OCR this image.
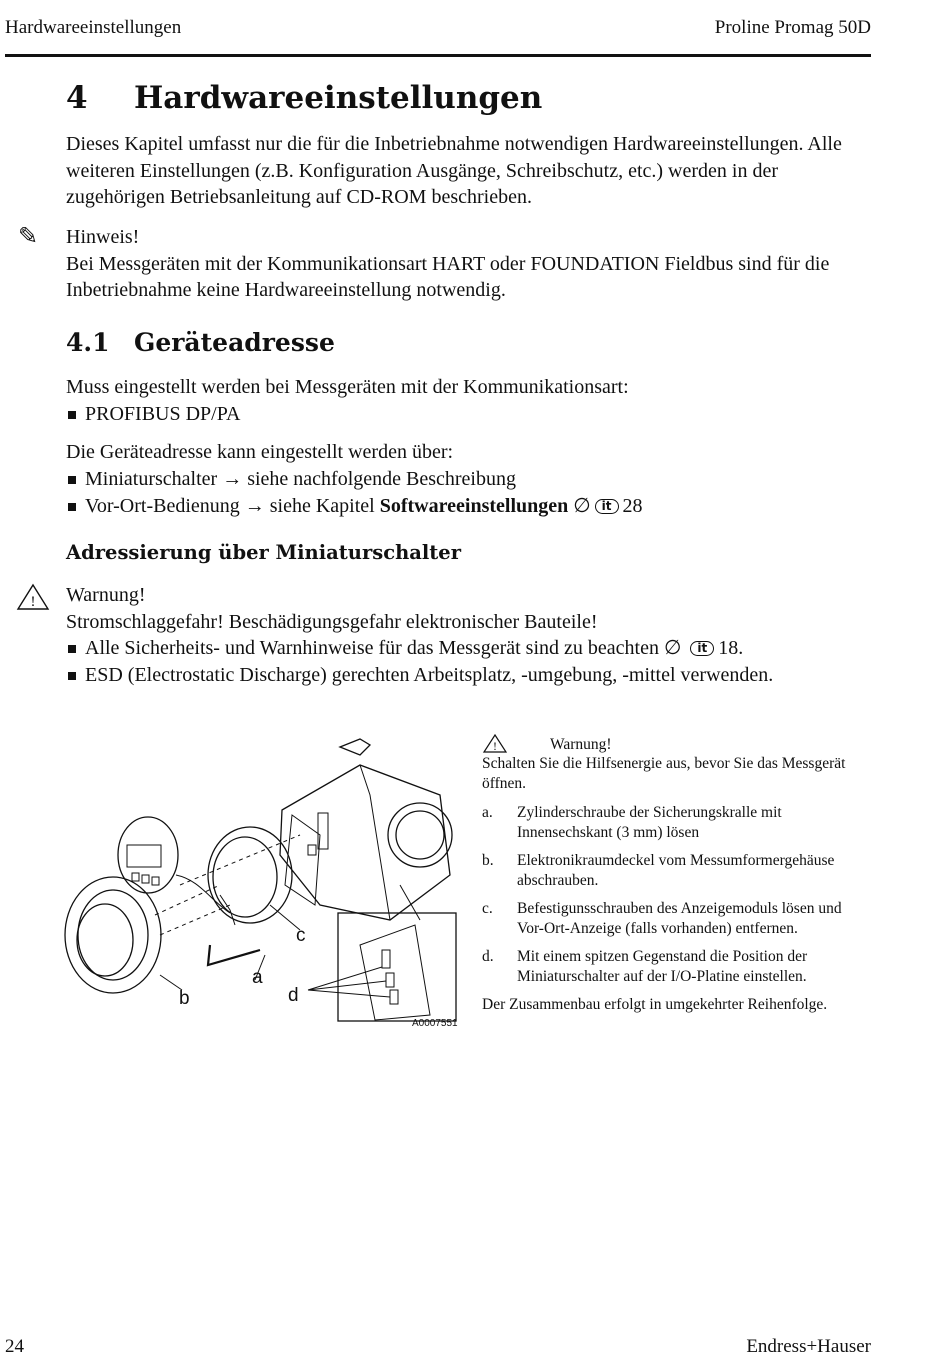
Hardwareeinstellungen	Proline Promag 50D
4 Hardwareeinstellungen

Dieses Kapitel umfasst nur die für die Inbetriebnahme notwendigen Hardwareeinstellungen. Alle weiteren Einstellungen (z.B. Konfiguration Ausgänge, Schreibschutz, etc.) werden in der zugehörigen Betriebsanleitung auf CD-ROM beschrieben.

✎ Hinweis!

Bei Messgeräten mit der Kommunikationsart HART oder FOUNDATION Fieldbus sind für die Inbetriebnahme keine Hardwareeinstellung notwendig.

4.1 Geräteadresse

Muss eingestellt werden bei Messgeräten mit der Kommunikationsart:

PROFIBUS DP/PA

Die Geräteadresse kann eingestellt werden über:

Miniaturschalter → siehe nachfolgende Beschreibung
Vor-Ort-Bedienung → siehe Kapitel Softwareeinstellungen ∅ it 28
Adressierung über Miniaturschalter
! Warnung!

Stromschlaggefahr! Beschädigungsgefahr elektronischer Bauteile!

Alle Sicherheits- und Warnhinweise für das Messgerät sind zu beachten ∅ it 18.
ESD (Electrostatic Discharge) gerechten Arbeitsplatz, -umgebung, -mittel verwenden.
a
b
c
d
A0007551
!	Warnung!

Schalten Sie die Hilfsenergie aus, bevor Sie das Messgerät öffnen.

a.	Zylinderschraube der Sicherungskralle mit Innensechskant (3 mm) lösen

b.	Elektronikraumdeckel vom Messumformergehäuse abschrauben.

c.	Befestigunsschrauben des Anzeigemoduls lösen und Vor-Ort-Anzeige (falls vorhanden) entfernen.

d.	Mit einem spitzen Gegenstand die Position der Miniaturschalter auf der I/O-Platine einstellen.

Der Zusammenbau erfolgt in umgekehrter Reihenfolge.

24	Endress+Hauser
